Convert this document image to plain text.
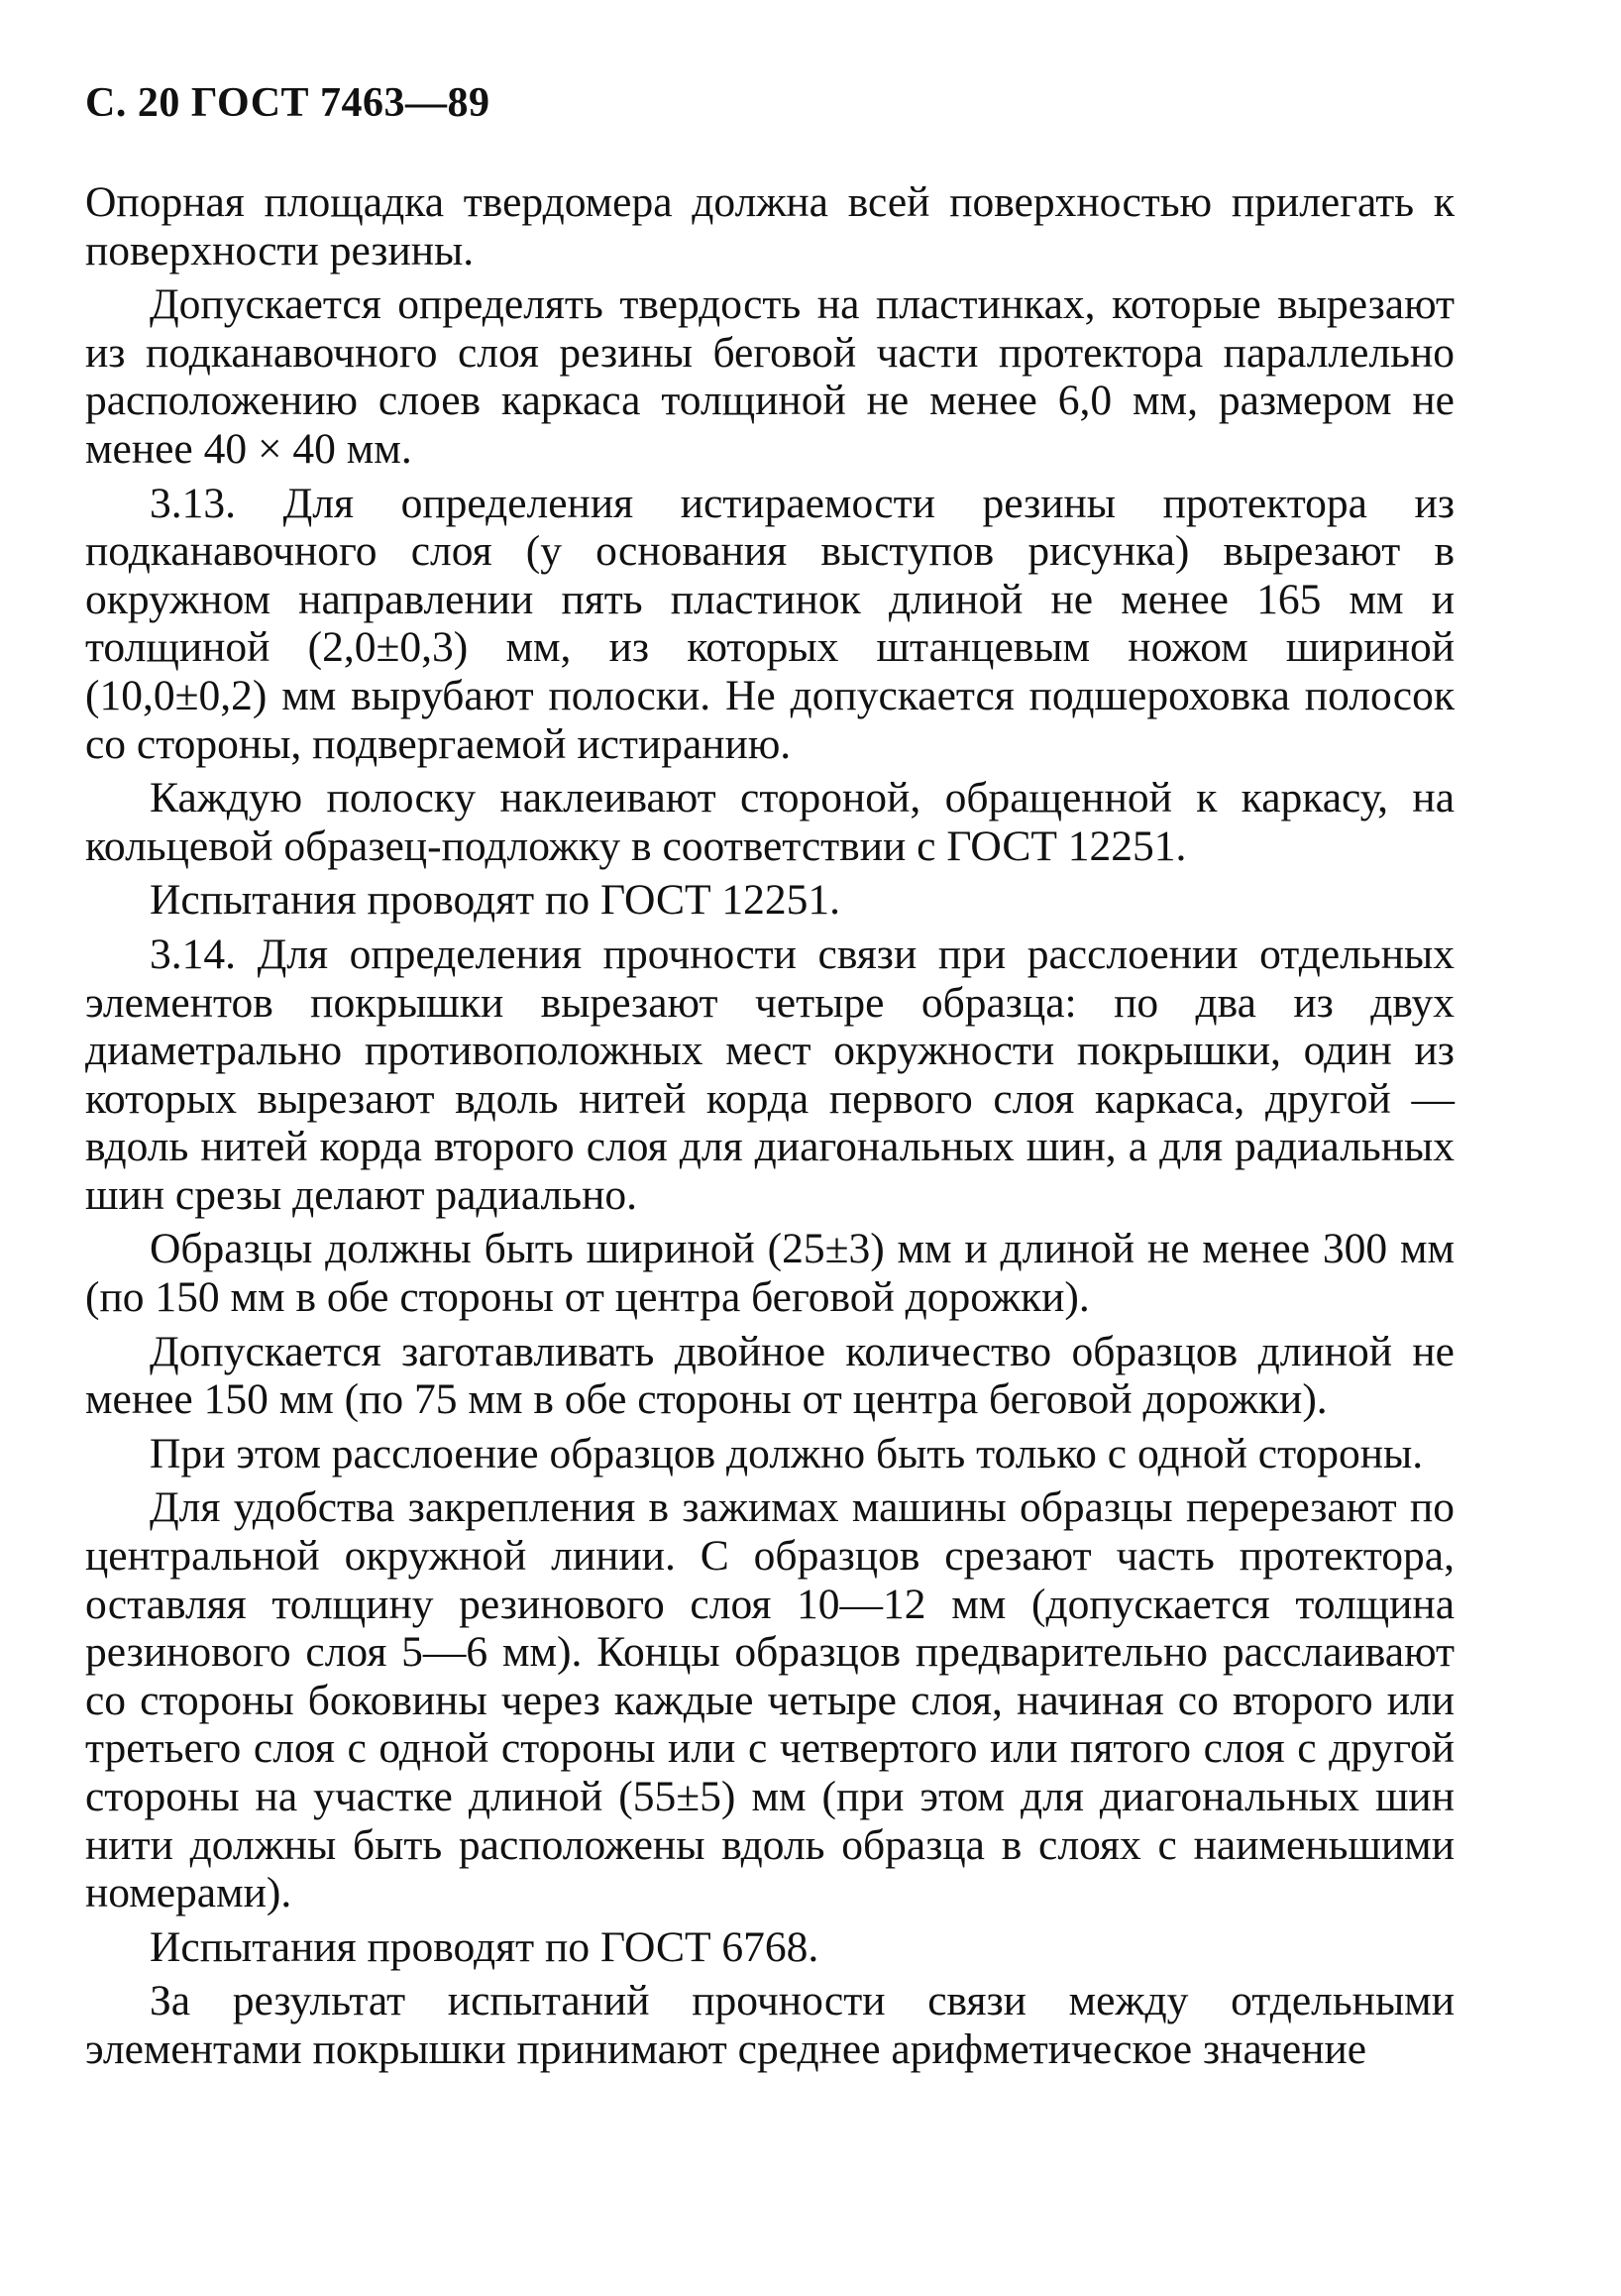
С. 20 ГОСТ 7463—89

Опорная площадка твердомера должна всей поверхностью прилегать к поверхности резины.

Допускается определять твердость на пластинках, которые вырезают из подканавочного слоя резины беговой части протектора параллельно расположению слоев каркаса толщиной не менее 6,0 мм, размером не менее 40 × 40 мм.

3.13. Для определения истираемости резины протектора из подканавочного слоя (у основания выступов рисунка) вырезают в окружном направлении пять пластинок длиной не менее 165 мм и толщиной (2,0±0,3) мм, из которых штанцевым ножом шириной (10,0±0,2) мм вырубают полоски. Не допускается подшероховка полосок со стороны, подвергаемой истиранию.

Каждую полоску наклеивают стороной, обращенной к каркасу, на кольцевой образец-подложку в соответствии с ГОСТ 12251.

Испытания проводят по ГОСТ 12251.

3.14. Для определения прочности связи при расслоении отдельных элементов покрышки вырезают четыре образца: по два из двух диаметрально противоположных мест окружности покрышки, один из которых вырезают вдоль нитей корда первого слоя каркаса, другой — вдоль нитей корда второго слоя для диагональных шин, а для радиальных шин срезы делают радиально.

Образцы должны быть шириной (25±3) мм и длиной не менее 300 мм (по 150 мм в обе стороны от центра беговой дорожки).

Допускается заготавливать двойное количество образцов длиной не менее 150 мм (по 75 мм в обе стороны от центра беговой дорожки).

При этом расслоение образцов должно быть только с одной стороны.

Для удобства закрепления в зажимах машины образцы перерезают по центральной окружной линии. С образцов срезают часть протектора, оставляя толщину резинового слоя 10—12 мм (допускается толщина резинового слоя 5—6 мм). Концы образцов предварительно расслаивают со стороны боковины через каждые четыре слоя, начиная со второго или третьего слоя с одной стороны или с четвертого или пятого слоя с другой стороны на участке длиной (55±5) мм (при этом для диагональных шин нити должны быть расположены вдоль образца в слоях с наименьшими номерами).

Испытания проводят по ГОСТ 6768.

За результат испытаний прочности связи между отдельными элементами покрышки принимают среднее арифметическое значение
